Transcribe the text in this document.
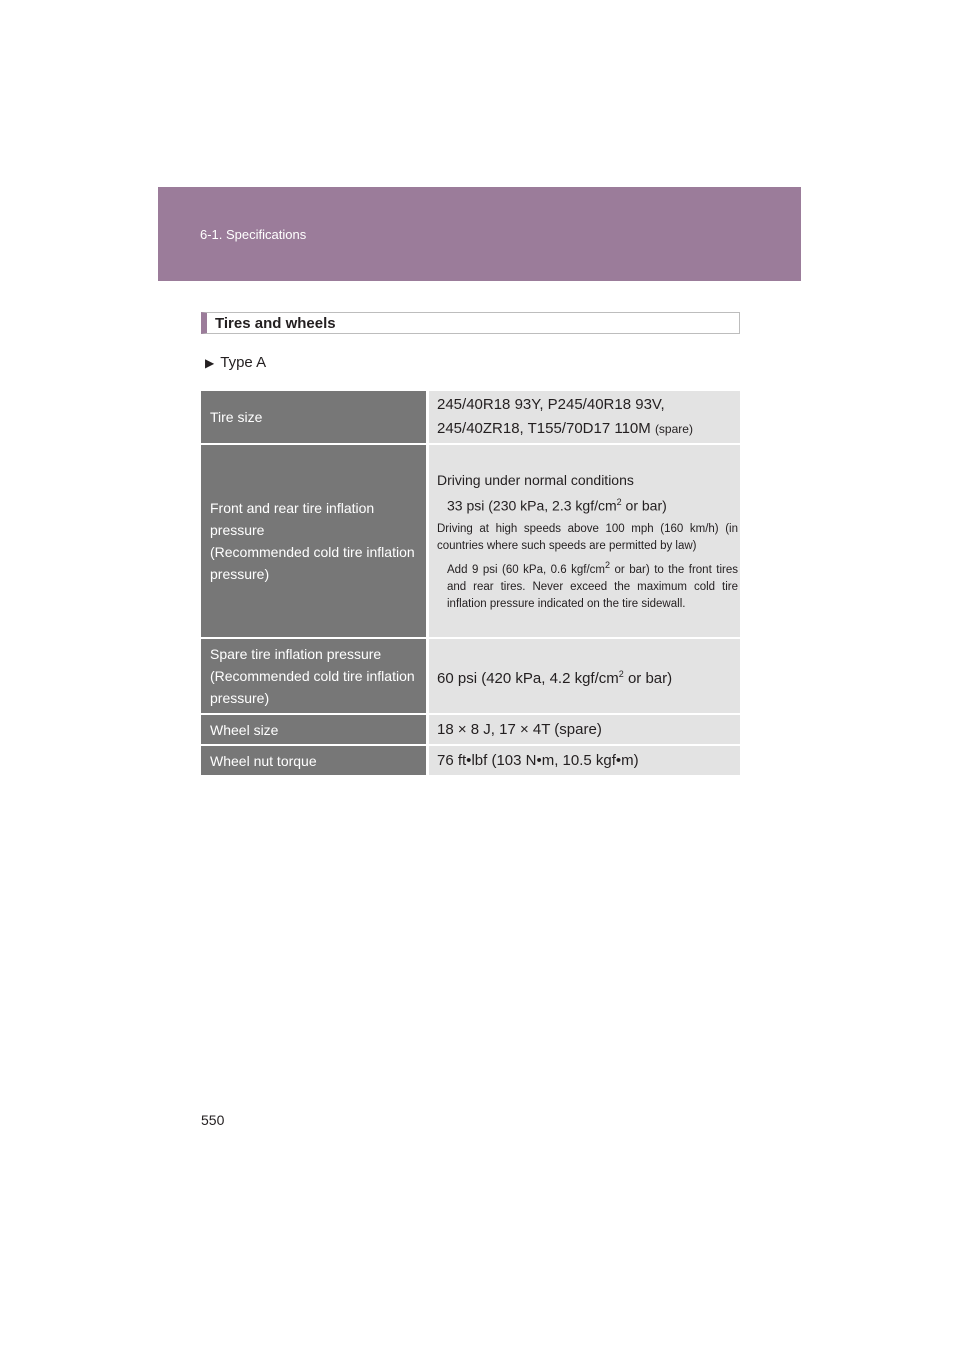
6-1. Specifications
Tires and wheels
▶ Type A
Tire size
245/40R18 93Y, P245/40R18 93V,
245/40ZR18, T155/70D17 110M (spare)
Front and rear tire inflation
pressure
(Recommended cold tire inflation
pressure)
Driving under normal conditions
33 psi (230 kPa, 2.3 kgf/$cm^2$ or bar)
Driving at high speeds above 100 mph (160 km/h) (in countries where such speeds are permitted by law)
Add 9 psi (60 kPa, 0.6 kgf/$cm^2$ or bar) to the front tires and rear tires. Never exceed the maximum cold tire inflation pressure indicated on the tire sidewall.
Spare tire inflation pressure
(Recommended cold tire inflation
pressure)
60 psi (420 kPa, 4.2 kgf/$cm^2$ or bar)
Wheel size	18 × 8 J, 17 × 4T (spare)
Wheel nut torque	76 ft•lbf (103 N•m, 10.5 kgf•m)
550
